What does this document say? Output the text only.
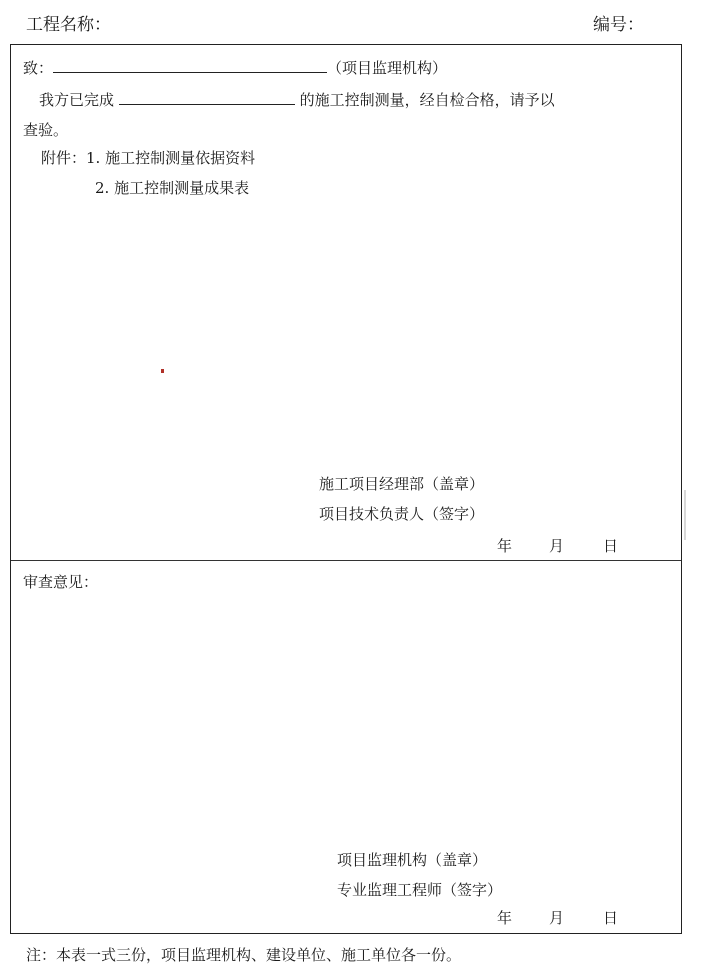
工程名称：	编号：
致：	（项目监理机构）
我方已完成	的施工控制测量，经自检合格，请予以
查验。
附件：1. 施工控制测量依据资料
2. 施工控制测量成果表
施工项目经理部（盖章）
项目技术负责人（签字）
年 月	日
审查意见：
项目监理机构（盖章）
专业监理工程师（签字）
年 月	日
注：本表一式三份，项目监理机构、建设单位、施工单位各一份。
